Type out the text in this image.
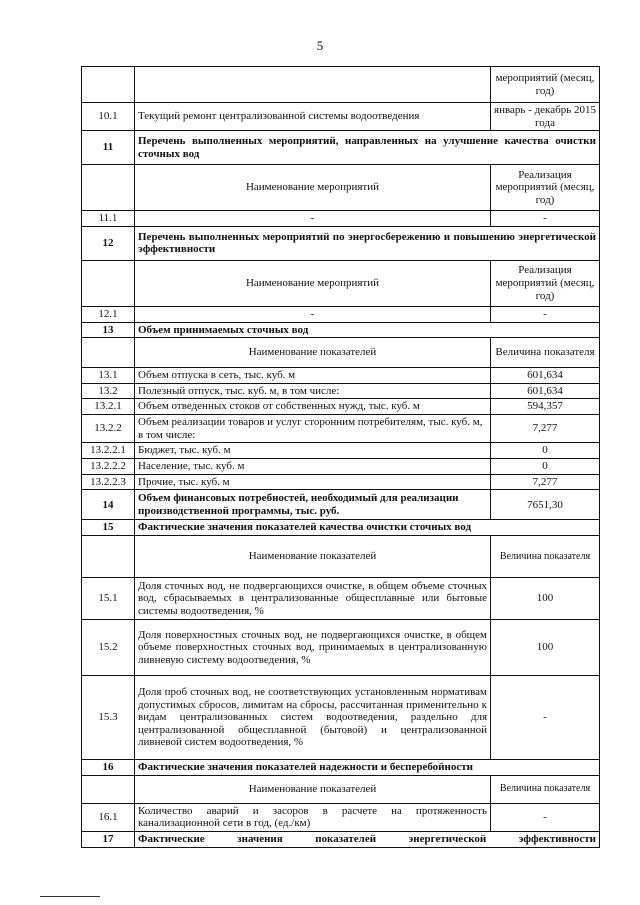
5
		мероприятий (месяц, год)
10.1	Текущий ремонт централизованной системы водоотведения	январь - декабрь 2015 года
11	Перечень выполненных мероприятий, направленных на улучшение качества очистки сточных вод	
	Наименование мероприятий	Реализация мероприятий (месяц, год)
11.1	-	-
12	Перечень выполненных мероприятий по энергосбережению и повышению энергетической эффективности	
	Наименование мероприятий	Реализация мероприятий (месяц, год)
12.1	-	-
13	Объем принимаемых сточных вод	
	Наименование показателей	Величина показателя
13.1	Объем отпуска в сеть, тыс. куб. м	601,634
13.2	Полезный отпуск, тыс. куб. м, в том числе:	601,634
13.2.1	Объем отведенных стоков от собственных нужд, тыс. куб. м	594,357
13.2.2	Объем реализации товаров и услуг сторонним потребителям, тыс. куб. м, в том числе:	7,277
13.2.2.1	Бюджет, тыс. куб. м	0
13.2.2.2	Население, тыс. куб. м	0
13.2.2.3	Прочие, тыс. куб. м	7,277
14	Объем финансовых потребностей, необходимый для реализации производственной программы, тыс. руб.	7651,30
15	Фактические значения показателей качества очистки сточных вод	
	Наименование показателей	Величина показателя
15.1	Доля сточных вод, не подвергающихся очистке, в общем объеме сточных вод, сбрасываемых в централизованные общесплавные или бытовые системы водоотведения, %	100
15.2	Доля поверхностных сточных вод, не подвергающихся очистке, в общем объеме поверхностных сточных вод, принимаемых в централизованную ливневую систему водоотведения, %	100
15.3	Доля проб сточных вод, не соответствующих установленным нормативам допустимых сбросов, лимитам на сбросы, рассчитанная применительно к видам централизованных систем водоотведения, раздельно для централизованной общесплавной (бытовой) и централизованной ливневой систем водоотведения, %	-
16	Фактические значения показателей надежности и бесперебойности	
	Наименование показателей	Величина показателя
16.1	Количество аварий и засоров в расчете на протяженность канализационной сети в год, (ед./км)	-
17	Фактические значения показателей энергетической эффективности	
